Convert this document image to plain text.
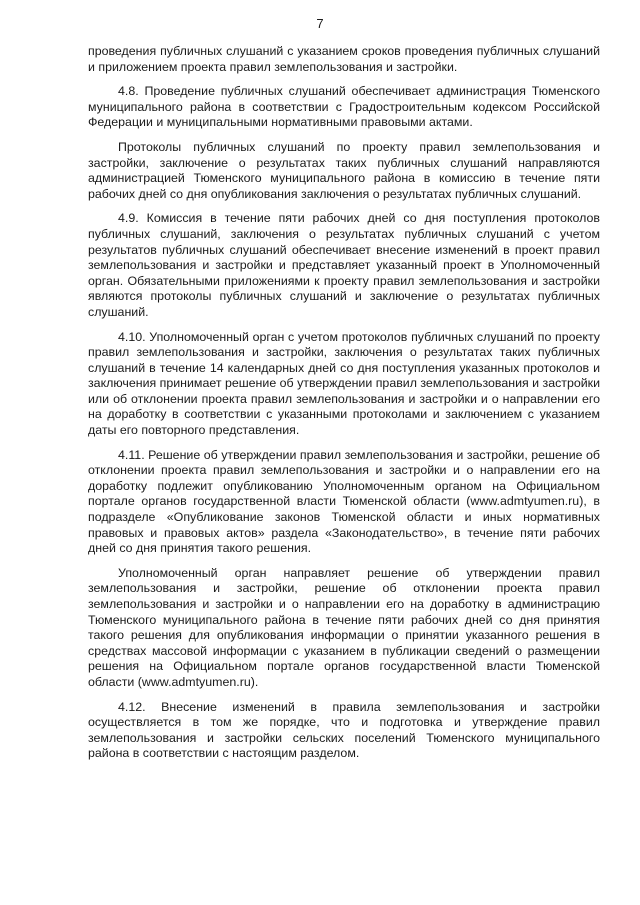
7

проведения публичных слушаний с указанием сроков проведения публичных слушаний и приложением проекта правил землепользования и застройки.

4.8. Проведение публичных слушаний обеспечивает администрация Тюменского муниципального района в соответствии с Градостроительным кодексом Российской Федерации и муниципальными нормативными правовыми актами.

Протоколы публичных слушаний по проекту правил землепользования и застройки, заключение о результатах таких публичных слушаний направляются администрацией Тюменского муниципального района в комиссию в течение пяти рабочих дней со дня опубликования заключения о результатах публичных слушаний.

4.9. Комиссия в течение пяти рабочих дней со дня поступления протоколов публичных слушаний, заключения о результатах публичных слушаний с учетом результатов публичных слушаний обеспечивает внесение изменений в проект правил землепользования и застройки и представляет указанный проект в Уполномоченный орган. Обязательными приложениями к проекту правил землепользования и застройки являются протоколы публичных слушаний и заключение о результатах публичных слушаний.

4.10. Уполномоченный орган с учетом протоколов публичных слушаний по проекту правил землепользования и застройки, заключения о результатах таких публичных слушаний в течение 14 календарных дней со дня поступления указанных протоколов и заключения принимает решение об утверждении правил землепользования и застройки или об отклонении проекта правил землепользования и застройки и о направлении его на доработку в соответствии с указанными протоколами и заключением с указанием даты его повторного представления.

4.11. Решение об утверждении правил землепользования и застройки, решение об отклонении проекта правил землепользования и застройки и о направлении его на доработку подлежит опубликованию Уполномоченным органом на Официальном портале органов государственной власти Тюменской области (www.admtyumen.ru), в подразделе «Опубликование законов Тюменской области и иных нормативных правовых и правовых актов» раздела «Законодательство», в течение пяти рабочих дней со дня принятия такого решения.

Уполномоченный орган направляет решение об утверждении правил землепользования и застройки, решение об отклонении проекта правил землепользования и застройки и о направлении его на доработку в администрацию Тюменского муниципального района в течение пяти рабочих дней со дня принятия такого решения для опубликования информации о принятии указанного решения в средствах массовой информации с указанием в публикации сведений о размещении решения на Официальном портале органов государственной власти Тюменской области (www.admtyumen.ru).

4.12. Внесение изменений в правила землепользования и застройки осуществляется в том же порядке, что и подготовка и утверждение правил землепользования и застройки сельских поселений Тюменского муниципального района в соответствии с настоящим разделом.
